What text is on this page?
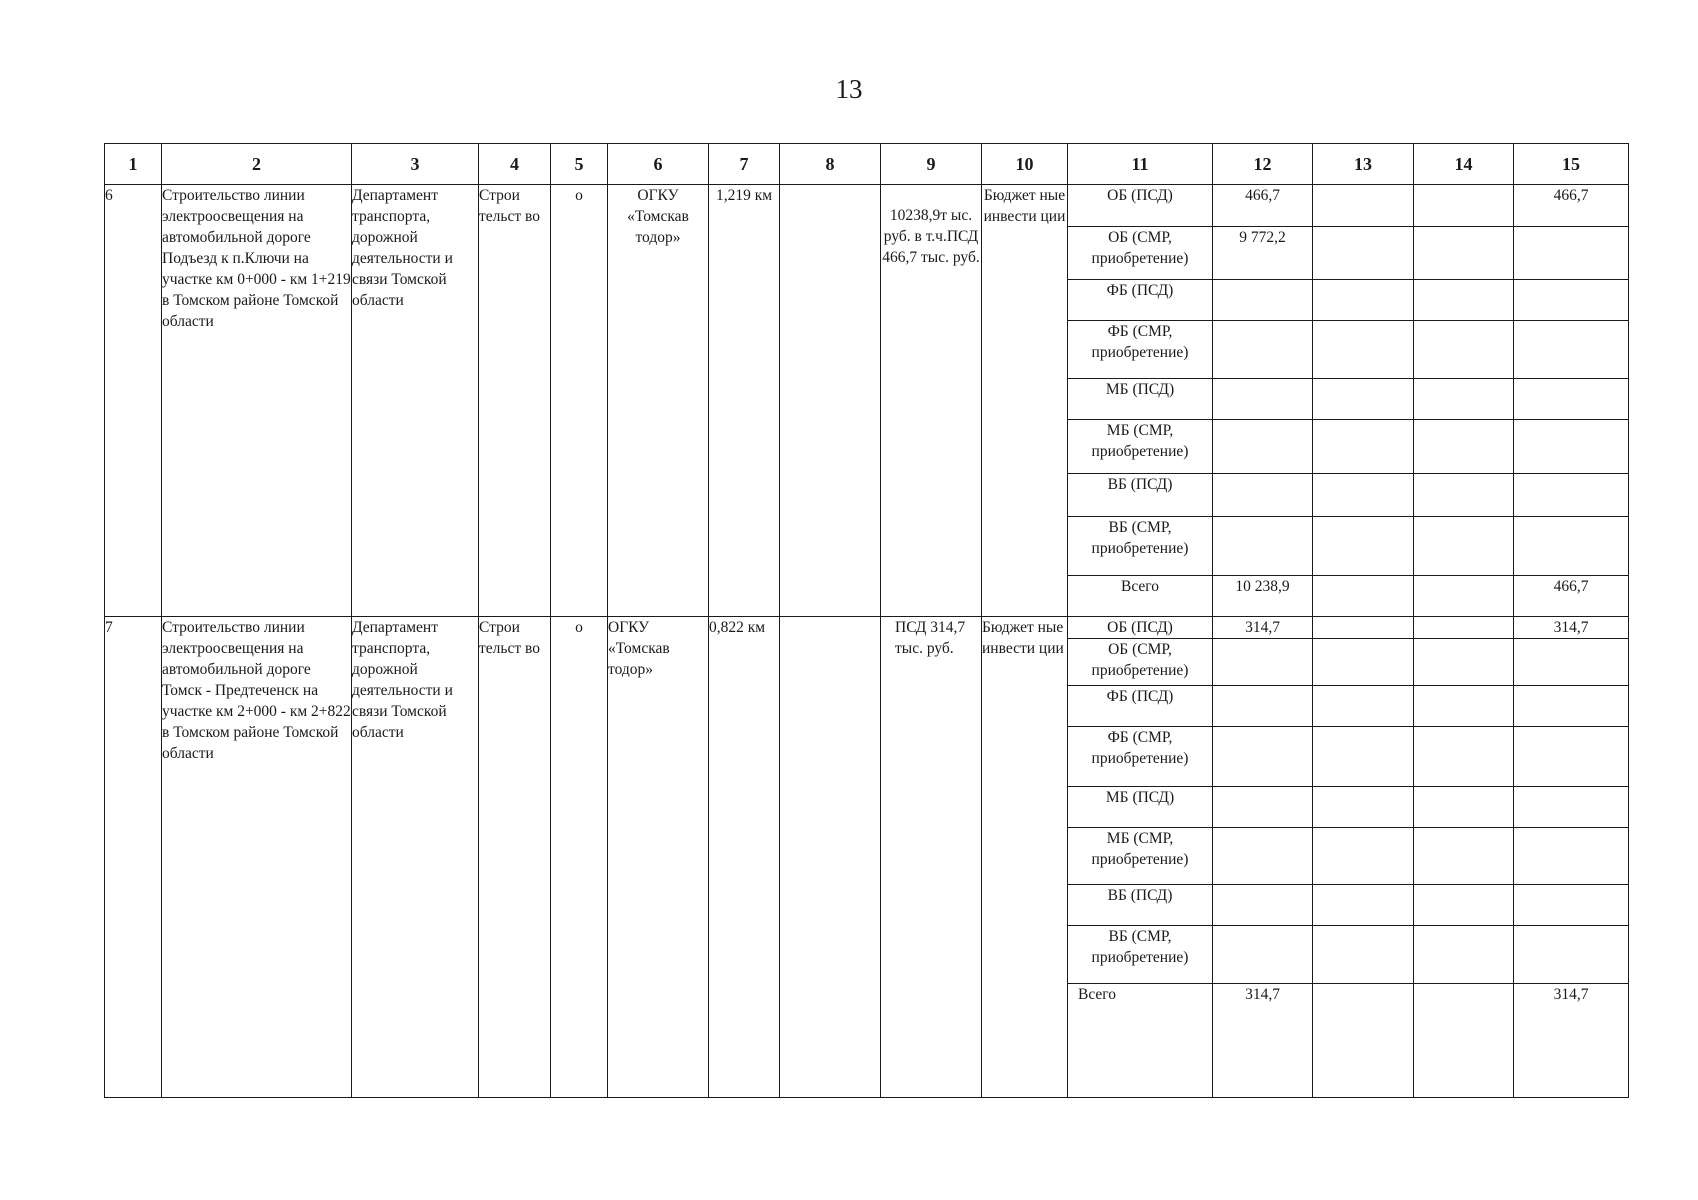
13
1	2	3	4	5	6	7	8	9	10	11	12	13	14	15
6	Строительство линии электроосвещения на автомобильной дороге Подъезд к п.Ключи на участке км 0+000 - км 1+219 в Томском районе Томской области	Департамент транспорта, дорожной деятельности и связи Томской области	Строи тельст во	о	ОГКУ «Томскав тодор»	1,219 км		10238,9т ыс. руб. в т.ч.ПСД 466,7 тыс. руб.	Бюджет ные инвести ции	ОБ (ПСД)	466,7			466,7
										ОБ (СМР, приобретение)	9 772,2			
										ФБ (ПСД)				
										ФБ (СМР, приобретение)				
										МБ (ПСД)				
										МБ (СМР, приобретение)				
										ВБ (ПСД)				
										ВБ (СМР, приобретение)				
										Всего	10 238,9			466,7
7	Строительство линии электроосвещения на автомобильной дороге Томск - Предтеченск на участке км 2+000 - км 2+822 в Томском районе Томской области	Департамент транспорта, дорожной деятельности и связи Томской области	Строи тельст во	о	ОГКУ «Томскав тодор»	0,822 км		ПСД 314,7 тыс. руб.	Бюджет ные инвести ции	ОБ (ПСД)	314,7			314,7
										ОБ (СМР, приобретение)				
										ФБ (ПСД)				
										ФБ (СМР, приобретение)				
										МБ (ПСД)				
										МБ (СМР, приобретение)				
										ВБ (ПСД)				
										ВБ (СМР, приобретение)				
										Всего	314,7			314,7
